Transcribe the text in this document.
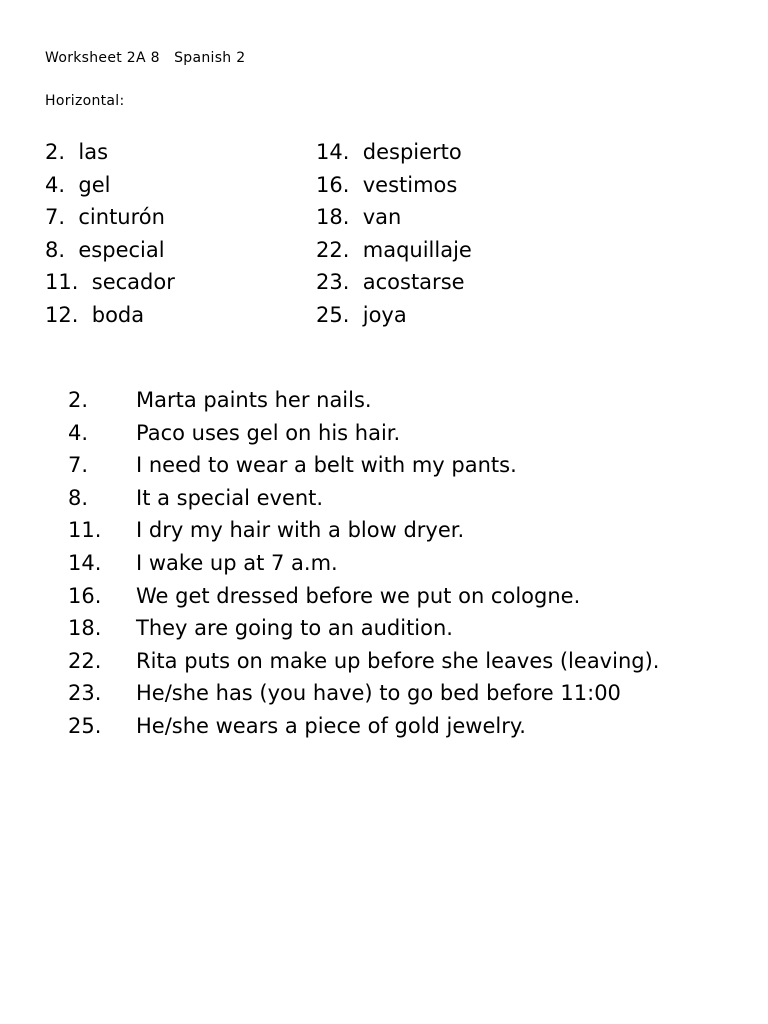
Worksheet 2A 8   Spanish 2
Horizontal:
2.  las
4.  gel
7.  cinturón
8.  especial
11.  secador
12.  boda
14.  despierto
16.  vestimos
18.  van
22.  maquillaje
23.  acostarse
25.  joya
2. Marta paints her nails.
4. Paco uses gel on his hair.
7. I need to wear a belt with my pants.
8. It a special event.
11. I dry my hair with a blow dryer.
14. I wake up at 7 a.m.
16. We get dressed before we put on cologne.
18. They are going to an audition.
22. Rita puts on make up before she leaves (leaving).
23. He/she has (you have) to go bed before 11:00
25. He/she wears a piece of gold jewelry.
